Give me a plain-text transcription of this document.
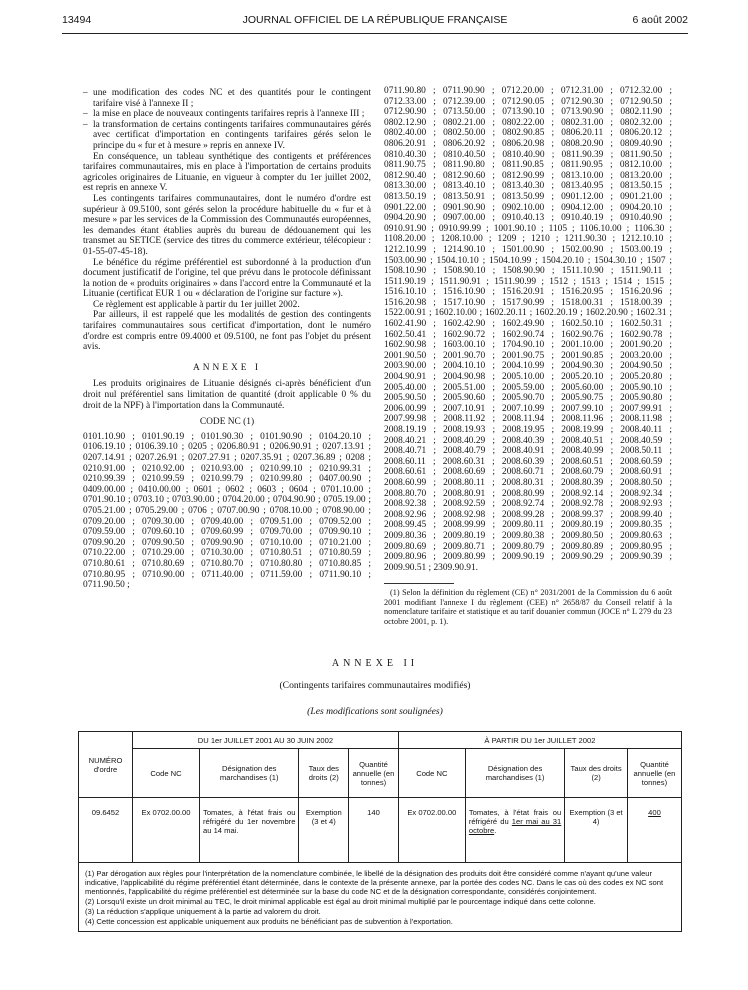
13494	JOURNAL OFFICIEL DE LA RÉPUBLIQUE FRANÇAISE	6 août 2002
– une modification des codes NC et des quantités pour le contingent tarifaire visé à l'annexe II ;
– la mise en place de nouveaux contingents tarifaires repris à l'annexe III ;
– la transformation de certains contingents tarifaires communautaires gérés avec certificat d'importation en contingents tarifaires gérés selon le principe du « fur et à mesure » repris en annexe IV.

En conséquence, un tableau synthétique des contigents et préférences tarifaires communautaires, mis en place à l'importation de certains produits agricoles originaires de Lituanie, en vigueur à compter du 1er juillet 2002, est repris en annexe V.

Les contingents tarifaires communautaires, dont le numéro d'ordre est supérieur à 09.5100, sont gérés selon la procédure habituelle du « fur et à mesure » par les services de la Commission des Communautés européennes, les demandes étant établies auprès du bureau de dédouanement qui les transmet au SETICE (service des titres du commerce extérieur, télécopieur : 01-55-07-45-18).

Le bénéfice du régime préférentiel est subordonné à la production d'un document justificatif de l'origine, tel que prévu dans le protocole définissant la notion de « produits originaires » dans l'accord entre la Communauté et la Lituanie (certificat EUR 1 ou « déclaration de l'origine sur facture »).

Ce règlement est applicable à partir du 1er juillet 2002.

Par ailleurs, il est rappelé que les modalités de gestion des contingents tarifaires communautaires sous certificat d'importation, dont le numéro d'ordre est compris entre 09.4000 et 09.5100, ne font pas l'objet du présent avis.

ANNEXE I

Les produits originaires de Lituanie désignés ci-après bénéficient d'un droit nul préférentiel sans limitation de quantité (droit applicable 0 % du droit de la NPF) à l'importation dans la Communauté.

CODE NC (1)

0101.10.90 ; 0101.90.19 ; 0101.90.30 ; 0101.90.90 ; 0104.20.10 ; 0106.19.10 ; 0106.39.10 ; 0205 ; 0206.80.91 ; 0206.90.91 ; 0207.13.91 ; 0207.14.91 ; 0207.26.91 ; 0207.27.91 ; 0207.35.91 ; 0207.36.89 ; 0208 ; 0210.91.00 ; 0210.92.00 ; 0210.93.00 ; 0210.99.10 ; 0210.99.31 ; 0210.99.39 ; 0210.99.59 ; 0210.99.79 ; 0210.99.80 ; 0407.00.90 ; 0409.00.00 ; 0410.00.00 ; 0601 ; 0602 ; 0603 ; 0604 ; 0701.10.00 ; 0701.90.10 ; 0703.10 ; 0703.90.00 ; 0704.20.00 ; 0704.90.90 ; 0705.19.00 ; 0705.21.00 ; 0705.29.00 ; 0706 ; 0707.00.90 ; 0708.10.00 ; 0708.90.00 ; 0709.20.00 ; 0709.30.00 ; 0709.40.00 ; 0709.51.00 ; 0709.52.00 ; 0709.59.00 ; 0709.60.10 ; 0709.60.99 ; 0709.70.00 ; 0709.90.10 ; 0709.90.20 ; 0709.90.50 ; 0709.90.90 ; 0710.10.00 ; 0710.21.00 ; 0710.22.00 ; 0710.29.00 ; 0710.30.00 ; 0710.80.51 ; 0710.80.59 ; 0710.80.61 ; 0710.80.69 ; 0710.80.70 ; 0710.80.80 ; 0710.80.85 ; 0710.80.95 ; 0710.90.00 ; 0711.40.00 ; 0711.59.00 ; 0711.90.10 ; 0711.90.50 ;

0711.90.80 ; 0711.90.90 ; 0712.20.00 ; 0712.31.00 ; 0712.32.00 ; 0712.33.00 ; 0712.39.00 ; 0712.90.05 ; 0712.90.30 ; 0712.90.50 ; 0712.90.90 ; 0713.50.00 ; 0713.90.10 ; 0713.90.90 ; 0802.11.90 ; 0802.12.90 ; 0802.21.00 ; 0802.22.00 ; 0802.31.00 ; 0802.32.00 ; 0802.40.00 ; 0802.50.00 ; 0802.90.85 ; 0806.20.11 ; 0806.20.12 ; 0806.20.91 ; 0806.20.92 ; 0806.20.98 ; 0808.20.90 ; 0809.40.90 ; 0810.40.30 ; 0810.40.50 ; 0810.40.90 ; 0811.90.39 ; 0811.90.50 ; 0811.90.75 ; 0811.90.80 ; 0811.90.85 ; 0811.90.95 ; 0812.10.00 ; 0812.90.40 ; 0812.90.60 ; 0812.90.99 ; 0813.10.00 ; 0813.20.00 ; 0813.30.00 ; 0813.40.10 ; 0813.40.30 ; 0813.40.95 ; 0813.50.15 ; 0813.50.19 ; 0813.50.91 ; 0813.50.99 ; 0901.12.00 ; 0901.21.00 ; 0901.22.00 ; 0901.90.90 ; 0902.10.00 ; 0904.12.00 ; 0904.20.10 ; 0904.20.90 ; 0907.00.00 ; 0910.40.13 ; 0910.40.19 ; 0910.40.90 ; 0910.91.90 ; 0910.99.99 ; 1001.90.10 ; 1105 ; 1106.10.00 ; 1106.30 ; 1108.20.00 ; 1208.10.00 ; 1209 ; 1210 ; 1211.90.30 ; 1212.10.10 ; 1212.10.99 ; 1214.90.10 ; 1501.00.90 ; 1502.00.90 ; 1503.00.19 ; 1503.00.90 ; 1504.10.10 ; 1504.10.99 ; 1504.20.10 ; 1504.30.10 ; 1507 ; 1508.10.90 ; 1508.90.10 ; 1508.90.90 ; 1511.10.90 ; 1511.90.11 ; 1511.90.19 ; 1511.90.91 ; 1511.90.99 ; 1512 ; 1513 ; 1514 ; 1515 ; 1516.10.10 ; 1516.10.90 ; 1516.20.91 ; 1516.20.95 ; 1516.20.96 ; 1516.20.98 ; 1517.10.90 ; 1517.90.99 ; 1518.00.31 ; 1518.00.39 ; 1522.00.91 ; 1602.10.00 ; 1602.20.11 ; 1602.20.19 ; 1602.20.90 ; 1602.31 ; 1602.41.90 ; 1602.42.90 ; 1602.49.90 ; 1602.50.10 ; 1602.50.31 ; 1602.50.41 ; 1602.90.72 ; 1602.90.74 ; 1602.90.76 ; 1602.90.78 ; 1602.90.98 ; 1603.00.10 ; 1704.90.10 ; 2001.10.00 ; 2001.90.20 ; 2001.90.50 ; 2001.90.70 ; 2001.90.75 ; 2001.90.85 ; 2003.20.00 ; 2003.90.00 ; 2004.10.10 ; 2004.10.99 ; 2004.90.30 ; 2004.90.50 ; 2004.90.91 ; 2004.90.98 ; 2005.10.00 ; 2005.20.10 ; 2005.20.80 ; 2005.40.00 ; 2005.51.00 ; 2005.59.00 ; 2005.60.00 ; 2005.90.10 ; 2005.90.50 ; 2005.90.60 ; 2005.90.70 ; 2005.90.75 ; 2005.90.80 ; 2006.00.99 ; 2007.10.91 ; 2007.10.99 ; 2007.99.10 ; 2007.99.91 ; 2007.99.98 ; 2008.11.92 ; 2008.11.94 ; 2008.11.96 ; 2008.11.98 ; 2008.19.19 ; 2008.19.93 ; 2008.19.95 ; 2008.19.99 ; 2008.40.11 ; 2008.40.21 ; 2008.40.29 ; 2008.40.39 ; 2008.40.51 ; 2008.40.59 ; 2008.40.71 ; 2008.40.79 ; 2008.40.91 ; 2008.40.99 ; 2008.50.11 ; 2008.60.11 ; 2008.60.31 ; 2008.60.39 ; 2008.60.51 ; 2008.60.59 ; 2008.60.61 ; 2008.60.69 ; 2008.60.71 ; 2008.60.79 ; 2008.60.91 ; 2008.60.99 ; 2008.80.11 ; 2008.80.31 ; 2008.80.39 ; 2008.80.50 ; 2008.80.70 ; 2008.80.91 ; 2008.80.99 ; 2008.92.14 ; 2008.92.34 ; 2008.92.38 ; 2008.92.59 ; 2008.92.74 ; 2008.92.78 ; 2008.92.93 ; 2008.92.96 ; 2008.92.98 ; 2008.99.28 ; 2008.99.37 ; 2008.99.40 ; 2008.99.45 ; 2008.99.99 ; 2009.80.11 ; 2009.80.19 ; 2009.80.35 ; 2009.80.36 ; 2009.80.19 ; 2009.80.38 ; 2009.80.50 ; 2009.80.63 ; 2009.80.69 ; 2009.80.71 ; 2009.80.79 ; 2009.80.89 ; 2009.80.95 ; 2009.80.96 ; 2009.80.99 ; 2009.90.19 ; 2009.90.29 ; 2009.90.39 ; 2009.90.51 ; 2309.90.91.

(1) Selon la définition du règlement (CE) n° 2031/2001 de la Commission du 6 août 2001 modifiant l'annexe I du règlement (CEE) n° 2658/87 du Conseil relatif à la nomenclature tarifaire et statistique et au tarif douanier commun (JOCE n° L 279 du 23 octobre 2001, p. 1).

ANNEXE II
(Contingents tarifaires communautaires modifiés)
(Les modifications sont soulignées)
NUMÉRO d'ordre	DU 1er JUILLET 2001 AU 30 JUIN 2002				À PARTIR DU 1er JUILLET 2002			
	Code NC	Désignation des marchandises (1)	Taux des droits (2)	Quantité annuelle (en tonnes)	Code NC	Désignation des marchandises (1)	Taux des droits (2)	Quantité annuelle (en tonnes)
09.6452	Ex 0702.00.00	Tomates, à l'état frais ou réfrigéré du 1er novembre au 14 mai.	Exemption (3 et 4)	140	Ex 0702.00.00	Tomates, à l'état frais ou réfrigéré du 1er mai au 31 octobre.	Exemption (3 et 4)	400

(1) Par dérogation aux règles pour l'interprétation de la nomenclature combinée, le libellé de la désignation des produits doit être considéré comme n'ayant qu'une valeur indicative, l'applicabilité du régime préférentiel étant déterminée, dans le contexte de la présente annexe, par la portée des codes NC. Dans le cas où des codes ex NC sont mentionnés, l'applicabilité du régime préférentiel est déterminée sur la base du code NC et de la désignation correspondante, considérés conjointement.

(2) Lorsqu'il existe un droit minimal au TEC, le droit minimal applicable est égal au droit minimal multiplié par le pourcentage indiqué dans cette colonne.

(3) La réduction s'applique uniquement à la partie ad valorem du droit.

(4) Cette concession est applicable uniquement aux produits ne bénéficiant pas de subvention à l'exportation.								
